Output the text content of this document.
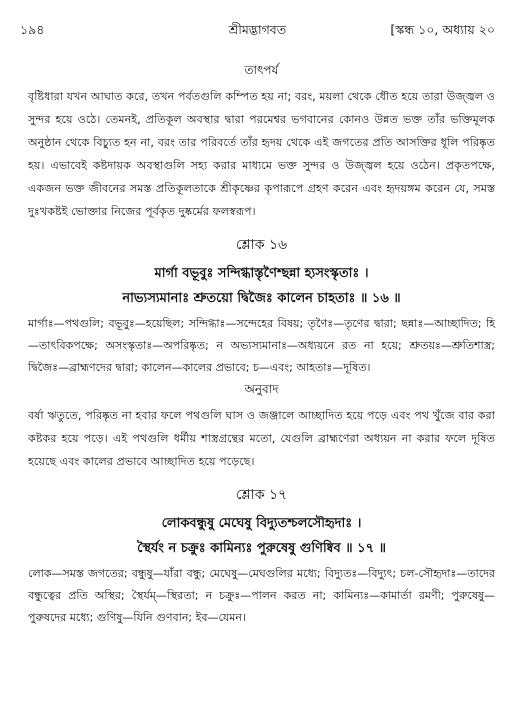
১৯৪	শ্রীমদ্ভাগবত	[স্কন্ধ ১০, অধ্যায় ২০
তাৎপর্য

বৃষ্টিধারা যখন আঘাত করে, তখন পর্বতগুলি কম্পিত হয় না; বরং, ময়লা থেকে ধৌত হয়ে তারা উজ্জ্বল ও সুন্দর হয়ে ওঠে। তেমনই, প্রতিকূল অবস্থার দ্বারা পরমেশ্বর ভগবানের কোনও উন্নত ভক্ত তাঁর ভক্তিমূলক অনুষ্ঠান থেকে বিচ্যুত হন না, বরং তার পরিবর্তে তাঁর হৃদয় থেকে এই জগতের প্রতি আসক্তির ধূলি পরিষ্কৃত হয়। এভাবেই কষ্টদায়ক অবস্থাগুলি সহ্য করার মাধ্যমে ভক্ত সুন্দর ও উজ্জ্বল হয়ে ওঠেন। প্রকৃতপক্ষে, একজন ভক্ত জীবনের সমস্ত প্রতিকূলতাকে শ্রীকৃষ্ণের কৃপারূপে গ্রহণ করেন এবং হৃদয়ঙ্গম করেন যে, সমস্ত দুঃখকষ্টই ভোক্তার নিজের পূর্বকৃত দুষ্কর্মের ফলস্বরূপ।

শ্লোক ১৬

মার্গা বভূবুঃ সন্দিগ্ধাস্তৃণৈশ্ছন্না হ্যসংস্কৃতাঃ ।

নাভ্যস্যমানাঃ শ্রুতয়ো দ্বিজৈঃ কালেন চাহতাঃ ॥ ১৬ ॥

মার্গাঃ—পথগুলি; বভূবুঃ—হয়েছিল; সন্দিগ্ধাঃ—সন্দেহের বিষয়; তৃণৈঃ—তৃণের দ্বারা; ছন্নাঃ—আচ্ছাদিত; হি—তাৎবিকপক্ষে; অসংস্কৃতাঃ—অপরিষ্কৃত; ন অভ্যস্যমানাঃ—অধ্যয়নে রত না হয়ে; শ্রুতয়ঃ—শ্রুতিশাস্ত্র; দ্বিজৈঃ—ব্রাহ্মণদের দ্বারা; কালেন—কালের প্রভাবে; চ—এবং; আহতাঃ—দূষিত।

অনুবাদ

বর্ষা ঋতুতে, পরিষ্কৃত না হবার ফলে পথগুলি ঘাস ও জঞ্জালে আচ্ছাদিত হয়ে পড়ে এবং পথ খুঁজে বার করা কষ্টকর হয়ে পড়ে। এই পথগুলি ধর্মীয় শাস্ত্রগ্রন্থের মতো, যেগুলি ব্রাহ্মণেরা অধ্যয়ন না করার ফলে দূষিত হয়েছে এবং কালের প্রভাবে আচ্ছাদিত হয়ে পড়েছে।

শ্লোক ১৭

লোকবন্ধুষু মেঘেষু বিদ্যুতশ্চলসৌহৃদাঃ ।

স্থৈর্যং ন চক্রুঃ কামিন্যঃ পুরুষেষু গুণিষ্বিব ॥ ১৭ ॥

লোক—সমস্ত জগতের; বন্ধুষু—যাঁরা বন্ধু; মেঘেষু—মেঘগুলির মধ্যে; বিদ্যুতঃ—বিদ্যুৎ; চল-সৌহৃদাঃ—তাদের বন্ধুত্বের প্রতি অস্থির; স্থৈর্যম্—স্থিরতা; ন চক্রুঃ—পালন করত না; কামিন্যঃ—কামার্তা রমণী; পুরুষেষু—পুরুষদের মধ্যে; গুণিষু—যিনি গুণবান; ইব—যেমন।
